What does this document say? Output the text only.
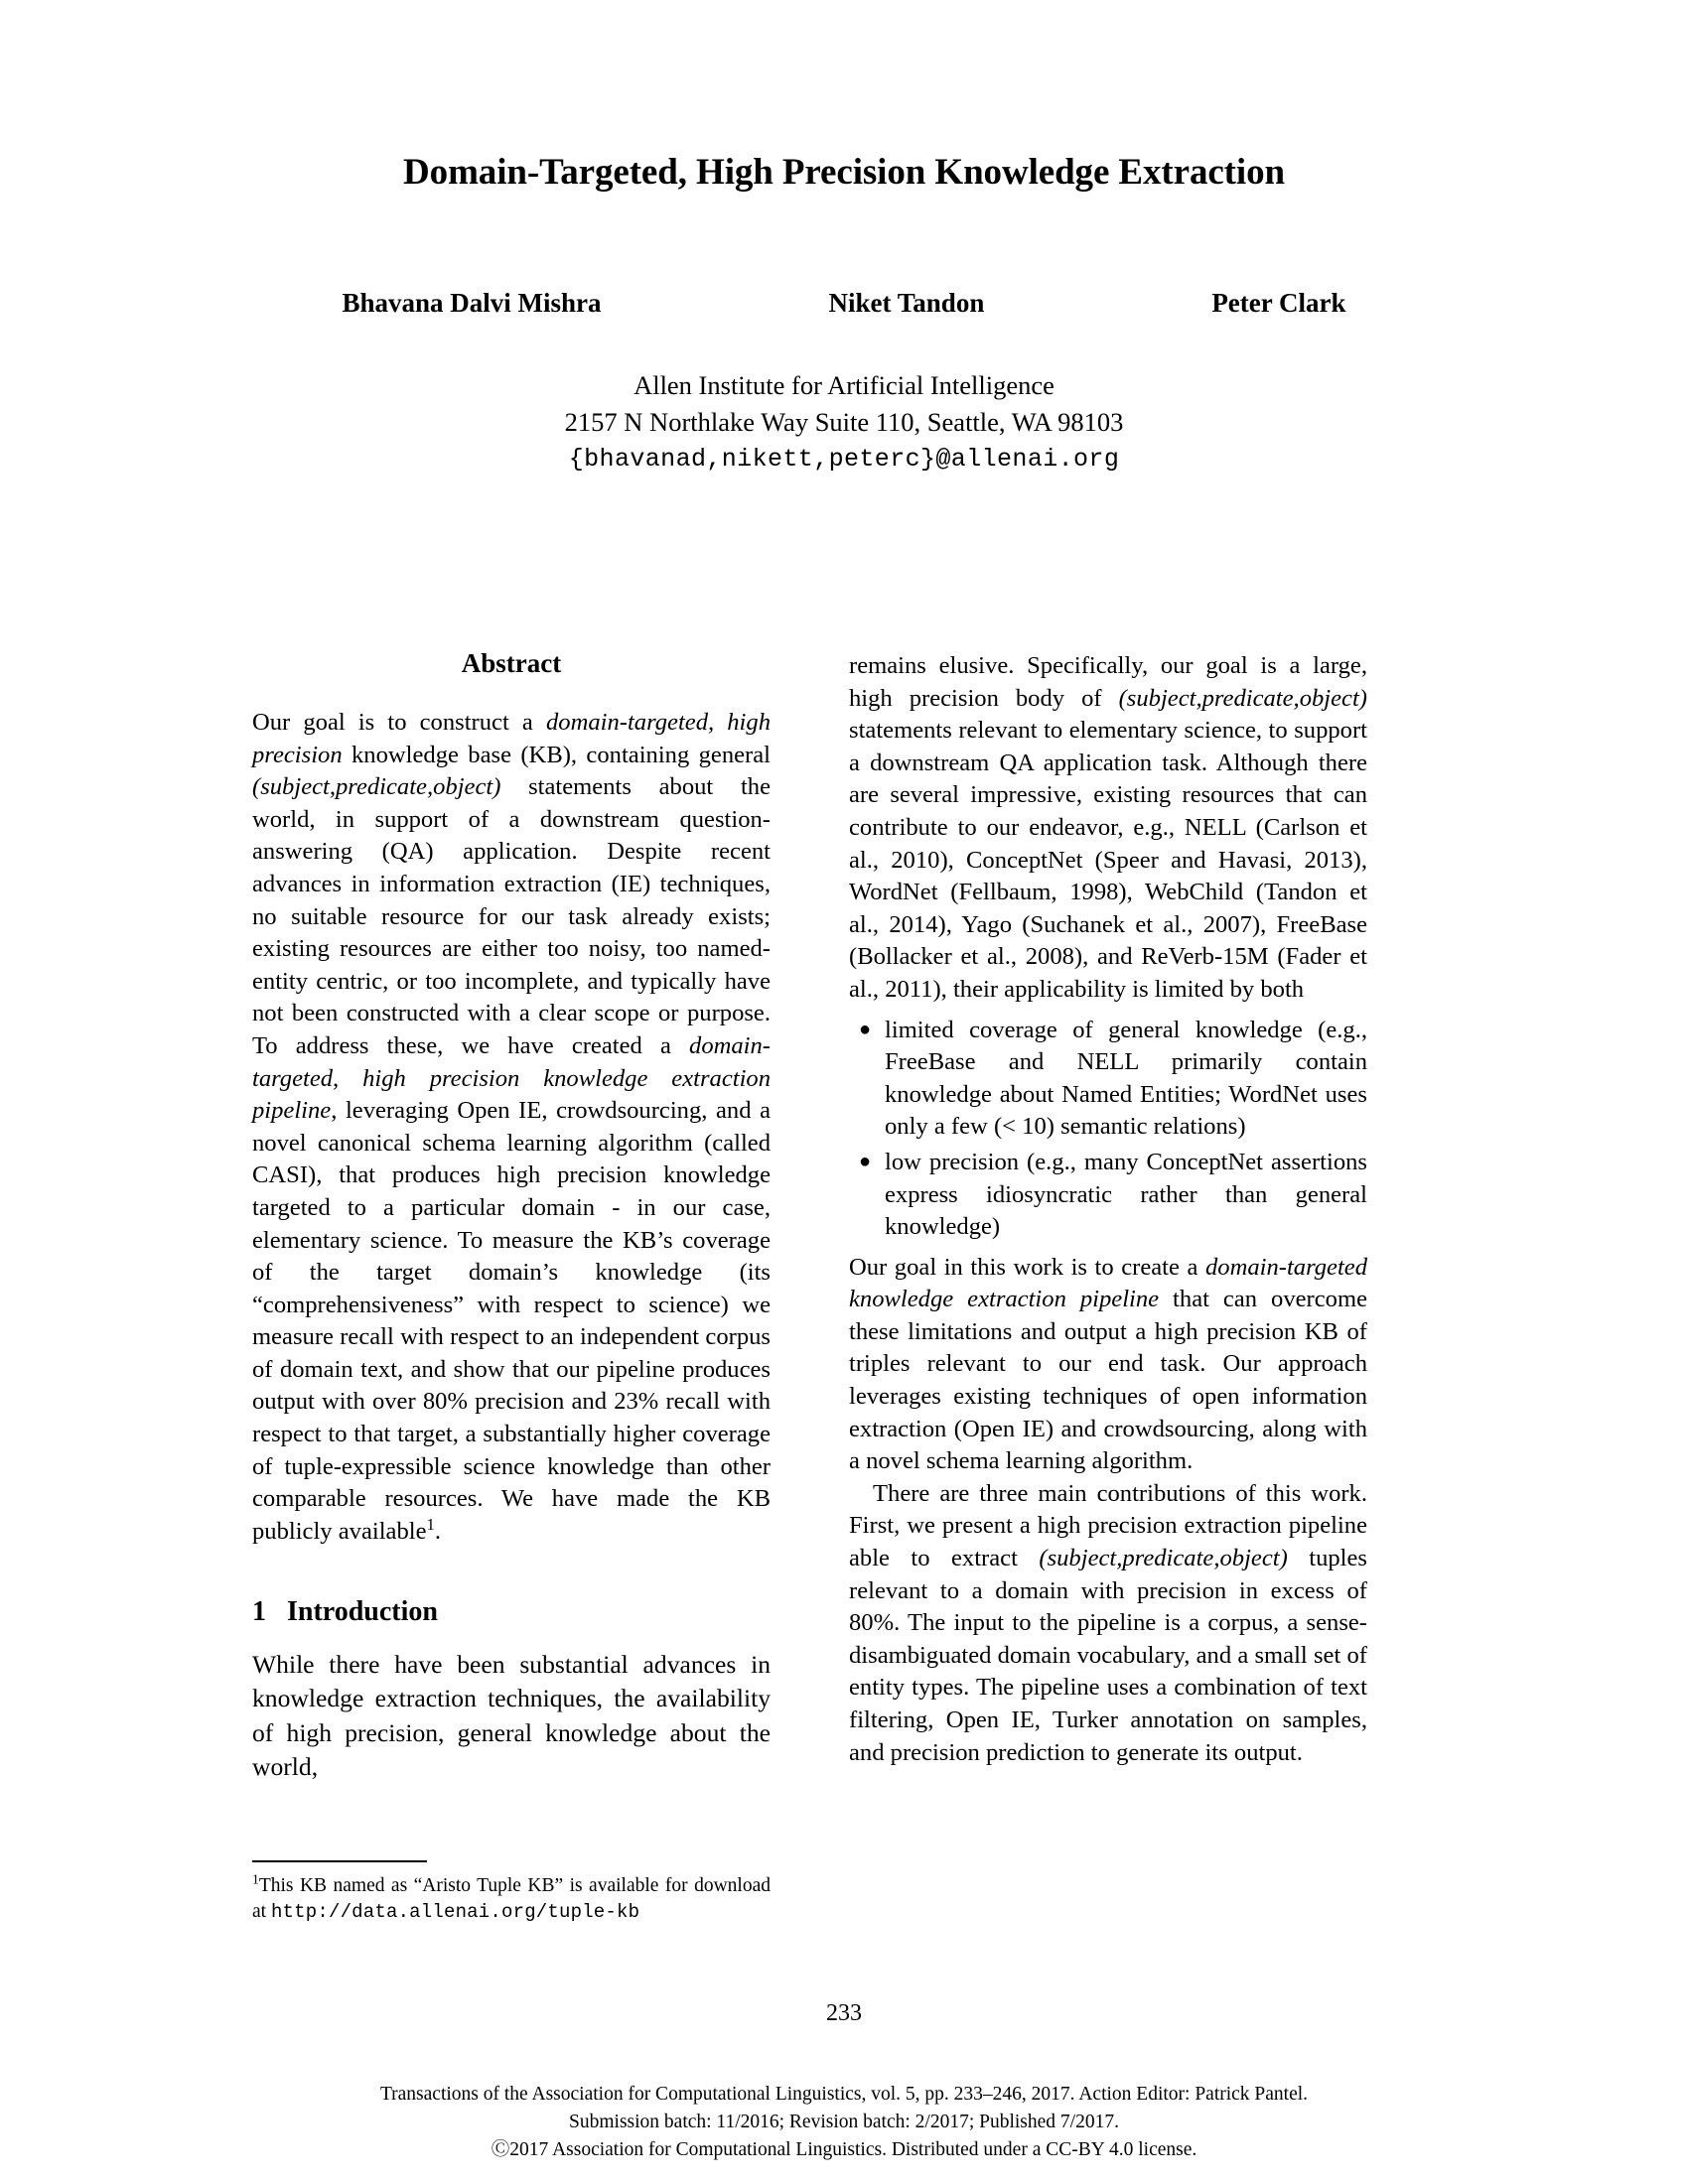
Domain-Targeted, High Precision Knowledge Extraction
Bhavana Dalvi Mishra	Niket Tandon	Peter Clark
Allen Institute for Artificial Intelligence
2157 N Northlake Way Suite 110, Seattle, WA 98103
{bhavanad,nikett,peterc}@allenai.org
Abstract

Our goal is to construct a domain-targeted, high precision knowledge base (KB), containing general (subject,predicate,object) statements about the world, in support of a downstream question-answering (QA) application. Despite recent advances in information extraction (IE) techniques, no suitable resource for our task already exists; existing resources are either too noisy, too named-entity centric, or too incomplete, and typically have not been constructed with a clear scope or purpose. To address these, we have created a domain-targeted, high precision knowledge extraction pipeline, leveraging Open IE, crowdsourcing, and a novel canonical schema learning algorithm (called CASI), that produces high precision knowledge targeted to a particular domain - in our case, elementary science. To measure the KB’s coverage of the target domain’s knowledge (its “comprehensiveness” with respect to science) we measure recall with respect to an independent corpus of domain text, and show that our pipeline produces output with over 80% precision and 23% recall with respect to that target, a substantially higher coverage of tuple-expressible science knowledge than other comparable resources. We have made the KB publicly available$^1$.

1 Introduction

While there have been substantial advances in knowledge extraction techniques, the availability of high precision, general knowledge about the world,

remains elusive. Specifically, our goal is a large, high precision body of (subject,predicate,object) statements relevant to elementary science, to support a downstream QA application task. Although there are several impressive, existing resources that can contribute to our endeavor, e.g., NELL (Carlson et al., 2010), ConceptNet (Speer and Havasi, 2013), WordNet (Fellbaum, 1998), WebChild (Tandon et al., 2014), Yago (Suchanek et al., 2007), FreeBase (Bollacker et al., 2008), and ReVerb-15M (Fader et al., 2011), their applicability is limited by both

● limited coverage of general knowledge (e.g., FreeBase and NELL primarily contain knowledge about Named Entities; WordNet uses only a few (< 10) semantic relations)
● low precision (e.g., many ConceptNet assertions express idiosyncratic rather than general knowledge)

Our goal in this work is to create a domain-targeted knowledge extraction pipeline that can overcome these limitations and output a high precision KB of triples relevant to our end task. Our approach leverages existing techniques of open information extraction (Open IE) and crowdsourcing, along with a novel schema learning algorithm.

There are three main contributions of this work. First, we present a high precision extraction pipeline able to extract (subject,predicate,object) tuples relevant to a domain with precision in excess of 80%. The input to the pipeline is a corpus, a sense-disambiguated domain vocabulary, and a small set of entity types. The pipeline uses a combination of text filtering, Open IE, Turker annotation on samples, and precision prediction to generate its output.

$^1$This KB named as “Aristo Tuple KB” is available for download at http://data.allenai.org/tuple-kb
233
Transactions of the Association for Computational Linguistics, vol. 5, pp. 233–246, 2017. Action Editor: Patrick Pantel.
Submission batch: 11/2016; Revision batch: 2/2017; Published 7/2017.
Ⓒ2017 Association for Computational Linguistics. Distributed under a CC-BY 4.0 license.
